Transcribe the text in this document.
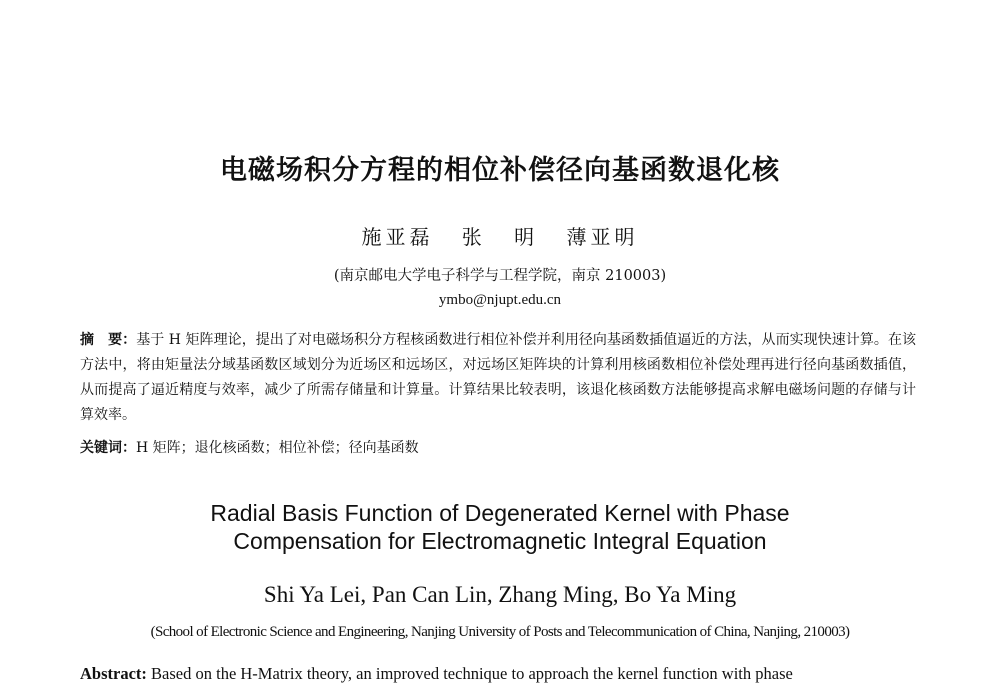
电磁场积分方程的相位补偿径向基函数退化核
施亚磊 张 明 薄亚明
(南京邮电大学电子科学与工程学院，南京 210003)
ymbo@njupt.edu.cn
摘　要：基于 H 矩阵理论，提出了对电磁场积分方程核函数进行相位补偿并利用径向基函数插值逼近的方法，从而实现快速计算。在该方法中，将由矩量法分域基函数区域划分为近场区和远场区，对远场区矩阵块的计算利用核函数相位补偿处理再进行径向基函数插值，从而提高了逼近精度与效率，减少了所需存储量和计算量。计算结果比较表明，该退化核函数方法能够提高求解电磁场问题的存储与计算效率。
关键词：H 矩阵；退化核函数；相位补偿；径向基函数
Radial Basis Function of Degenerated Kernel with Phase
Compensation for Electromagnetic Integral Equation
Shi Ya Lei, Pan Can Lin, Zhang Ming, Bo Ya Ming
(School of Electronic Science and Engineering, Nanjing University of Posts and Telecommunication of China, Nanjing, 210003)
Abstract: Based on the H-Matrix theory, an improved technique to approach the kernel function with phase
